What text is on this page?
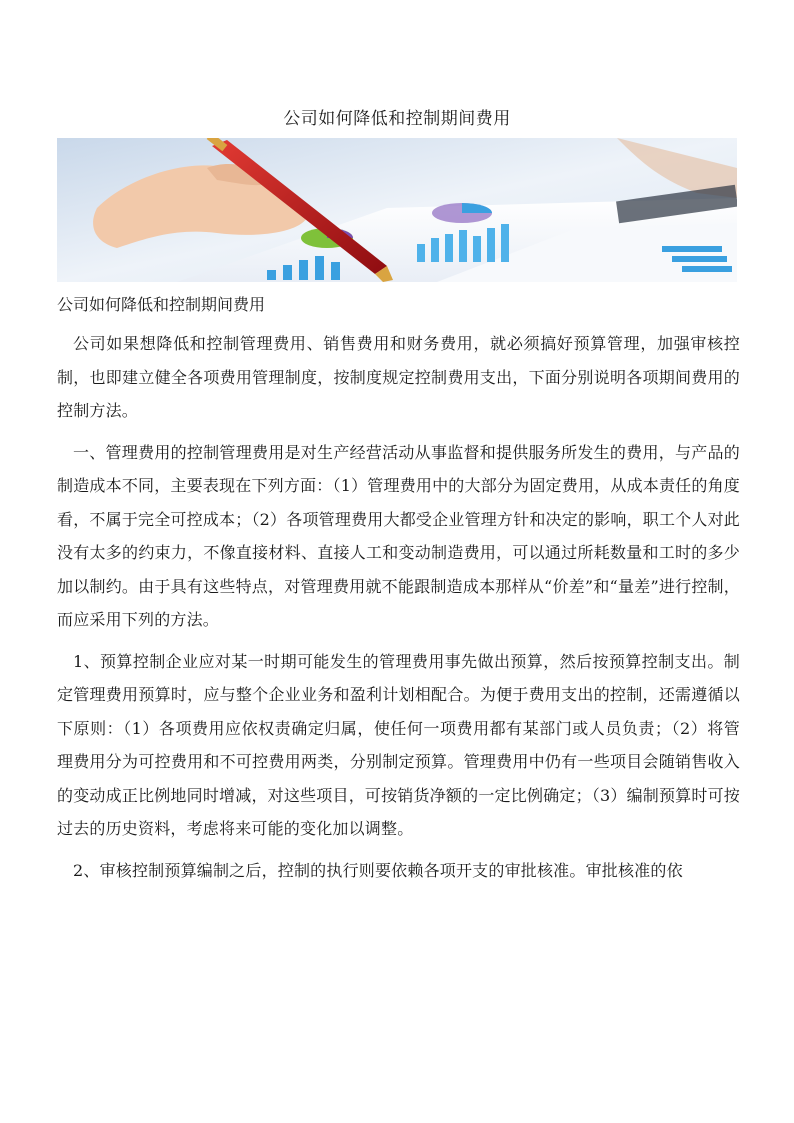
公司如何降低和控制期间费用
公司如何降低和控制期间费用

公司如果想降低和控制管理费用、销售费用和财务费用，就必须搞好预算管理，加强审核控制，也即建立健全各项费用管理制度，按制度规定控制费用支出，下面分别说明各项期间费用的控制方法。

一、管理费用的控制管理费用是对生产经营活动从事监督和提供服务所发生的费用，与产品的制造成本不同，主要表现在下列方面：（1）管理费用中的大部分为固定费用，从成本责任的角度看，不属于完全可控成本；（2）各项管理费用大都受企业管理方针和决定的影响，职工个人对此没有太多的约束力，不像直接材料、直接人工和变动制造费用，可以通过所耗数量和工时的多少加以制约。由于具有这些特点，对管理费用就不能跟制造成本那样从“价差”和“量差”进行控制，而应采用下列的方法。

1、预算控制企业应对某一时期可能发生的管理费用事先做出预算，然后按预算控制支出。制定管理费用预算时，应与整个企业业务和盈利计划相配合。为便于费用支出的控制，还需遵循以下原则：（1）各项费用应依权责确定归属，使任何一项费用都有某部门或人员负责；（2）将管理费用分为可控费用和不可控费用两类，分别制定预算。管理费用中仍有一些项目会随销售收入的变动成正比例地同时增减，对这些项目，可按销货净额的一定比例确定；（3）编制预算时可按过去的历史资料，考虑将来可能的变化加以调整。

2、审核控制预算编制之后，控制的执行则要依赖各项开支的审批核准。审批核准的依
